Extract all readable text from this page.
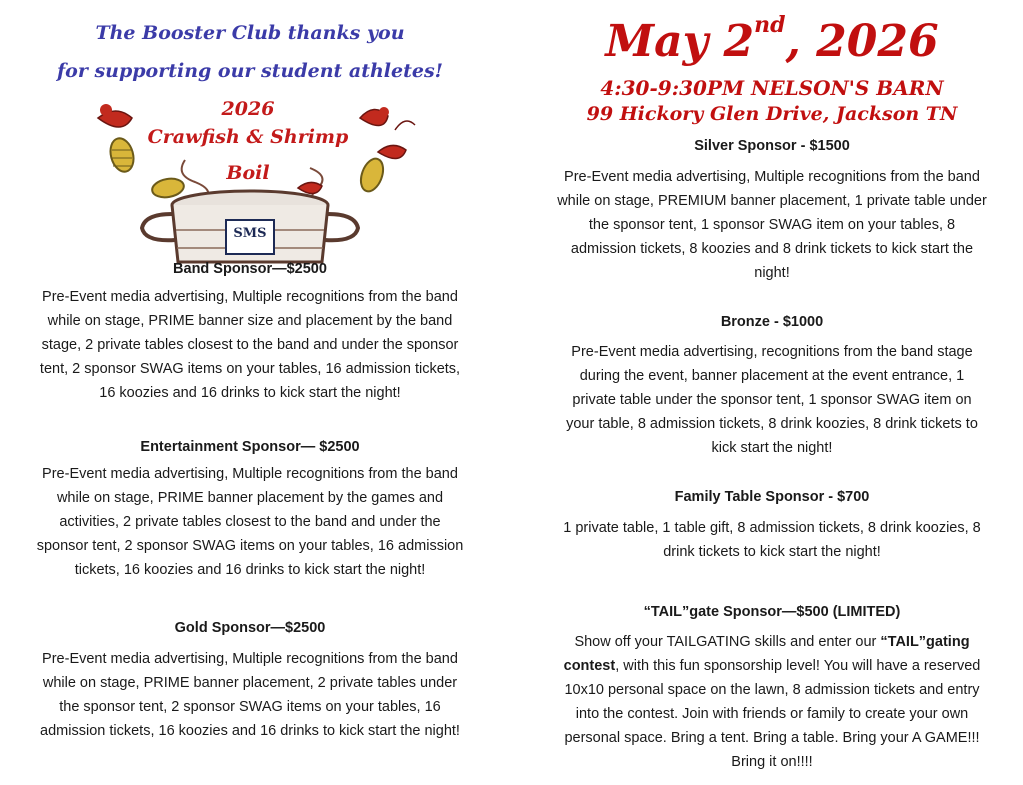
The Booster Club thanks you
for supporting our student athletes!
2026
Crawfish & Shrimp
Boil
SMS
Band Sponsor—$2500
Pre-Event media advertising, Multiple recognitions from the band
while on stage, PRIME banner size and placement by the band
stage, 2 private tables closest to the band and under the sponsor
tent, 2 sponsor SWAG items on your tables, 16 admission tickets,
16 koozies and 16 drinks to kick start the night!
Entertainment Sponsor— $2500
Pre-Event media advertising, Multiple recognitions from the band
while on stage, PRIME banner placement by the games and
activities, 2 private tables closest to the band and under the
sponsor tent, 2 sponsor SWAG items on your tables, 16 admission
tickets, 16 koozies and 16 drinks to kick start the night!
Gold Sponsor—$2500
Pre-Event media advertising, Multiple recognitions from the band
while on stage, PRIME banner placement, 2 private tables under
the sponsor tent, 2 sponsor SWAG items on your tables, 16
admission tickets, 16 koozies and 16 drinks to kick start the night!
May 2nd, 2026
4:30-9:30PM NELSON'S BARN
99 Hickory Glen Drive, Jackson TN
Silver Sponsor - $1500
Pre-Event media advertising, Multiple recognitions from the band
while on stage, PREMIUM banner placement, 1 private table under
the sponsor tent, 1 sponsor SWAG item on your tables, 8
admission tickets, 8 koozies and 8 drink tickets to kick start the
night!
Bronze - $1000
Pre-Event media advertising, recognitions from the band stage
during the event, banner placement at the event entrance, 1
private table under the sponsor tent, 1 sponsor SWAG item on
your table, 8 admission tickets, 8 drink koozies, 8 drink tickets to
kick start the night!
Family Table Sponsor - $700
1 private table, 1 table gift, 8 admission tickets, 8 drink koozies, 8
drink tickets to kick start the night!
“TAIL”gate Sponsor—$500 (LIMITED)
Show off your TAILGATING skills and enter our “TAIL”gating
contest, with this fun sponsorship level! You will have a reserved
10x10 personal space on the lawn, 8 admission tickets and entry
into the contest. Join with friends or family to create your own
personal space. Bring a tent. Bring a table. Bring your A GAME!!!
Bring it on!!!!
